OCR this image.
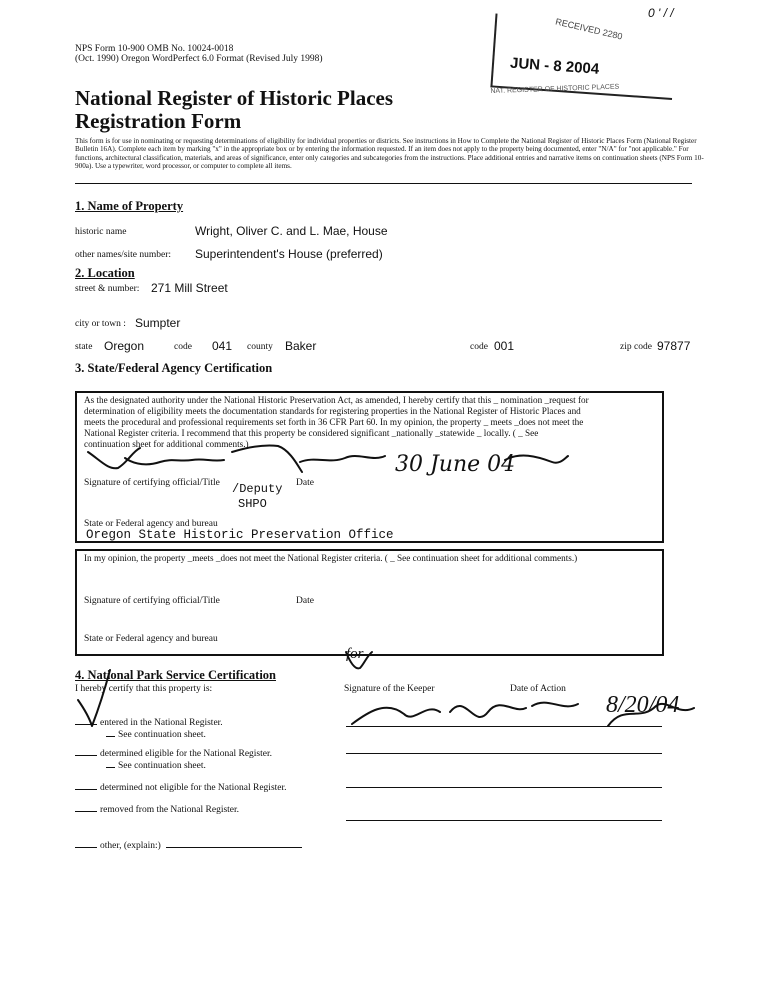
0 ' / /
RECEIVED 2280
JUN - 8 2004
NAT. REGISTER OF HISTORIC PLACES
NPS Form 10-900 OMB No. 10024-0018
(Oct. 1990) Oregon WordPerfect 6.0 Format (Revised July 1998)
National Register of Historic Places
Registration Form
This form is for use in nominating or requesting determinations of eligibility for individual properties or districts. See instructions in How to Complete the National Register of Historic Places Form (National Register Bulletin 16A). Complete each item by marking "x" in the appropriate box or by entering the information requested. If an item does not apply to the property being documented, enter "N/A" for "not applicable." For functions, architectural classification, materials, and areas of significance, enter only categories and subcategories from the instructions. Place additional entries and narrative items on continuation sheets (NPS Form 10-900a). Use a typewriter, word processor, or computer to complete all items.
1. Name of Property
historic name	Wright, Oliver C. and L. Mae, House
other names/site number: Superintendent's House (preferred)
2. Location
street & number: 271 Mill Street
city or town : Sumpter
state Oregon	code 041 county Baker	code 001	zip code 97877
3. State/Federal Agency Certification
As the designated authority under the National Historic Preservation Act, as amended, I hereby certify that this _ nomination _request for
determination of eligibility meets the documentation standards for registering properties in the National Register of Historic Places and
meets the procedural and professional requirements set forth in 36 CFR Part 60. In my opinion, the property _ meets _does not meet the
National Register criteria. I recommend that this property be considered significant _nationally _statewide _ locally. ( _ See
continuation sheet for additional comments.)
Signature of certifying official/Title /Deputy
SHPO
Date
State or Federal agency and bureau
Oregon State Historic Preservation Office
30 June 04
In my opinion, the property _meets _does not meet the National Register criteria. ( _ See continuation sheet for additional comments.)
Signature of certifying official/Title	Date
State or Federal agency and bureau
4. National Park Service Certification
I hereby certify that this property is:	Signature of the Keeper	Date of Action
for
8/20/04
entered in the National Register.
See continuation sheet.
determined eligible for the National Register.
See continuation sheet.
determined not eligible for the National Register.
removed from the National Register.
other, (explain:)
